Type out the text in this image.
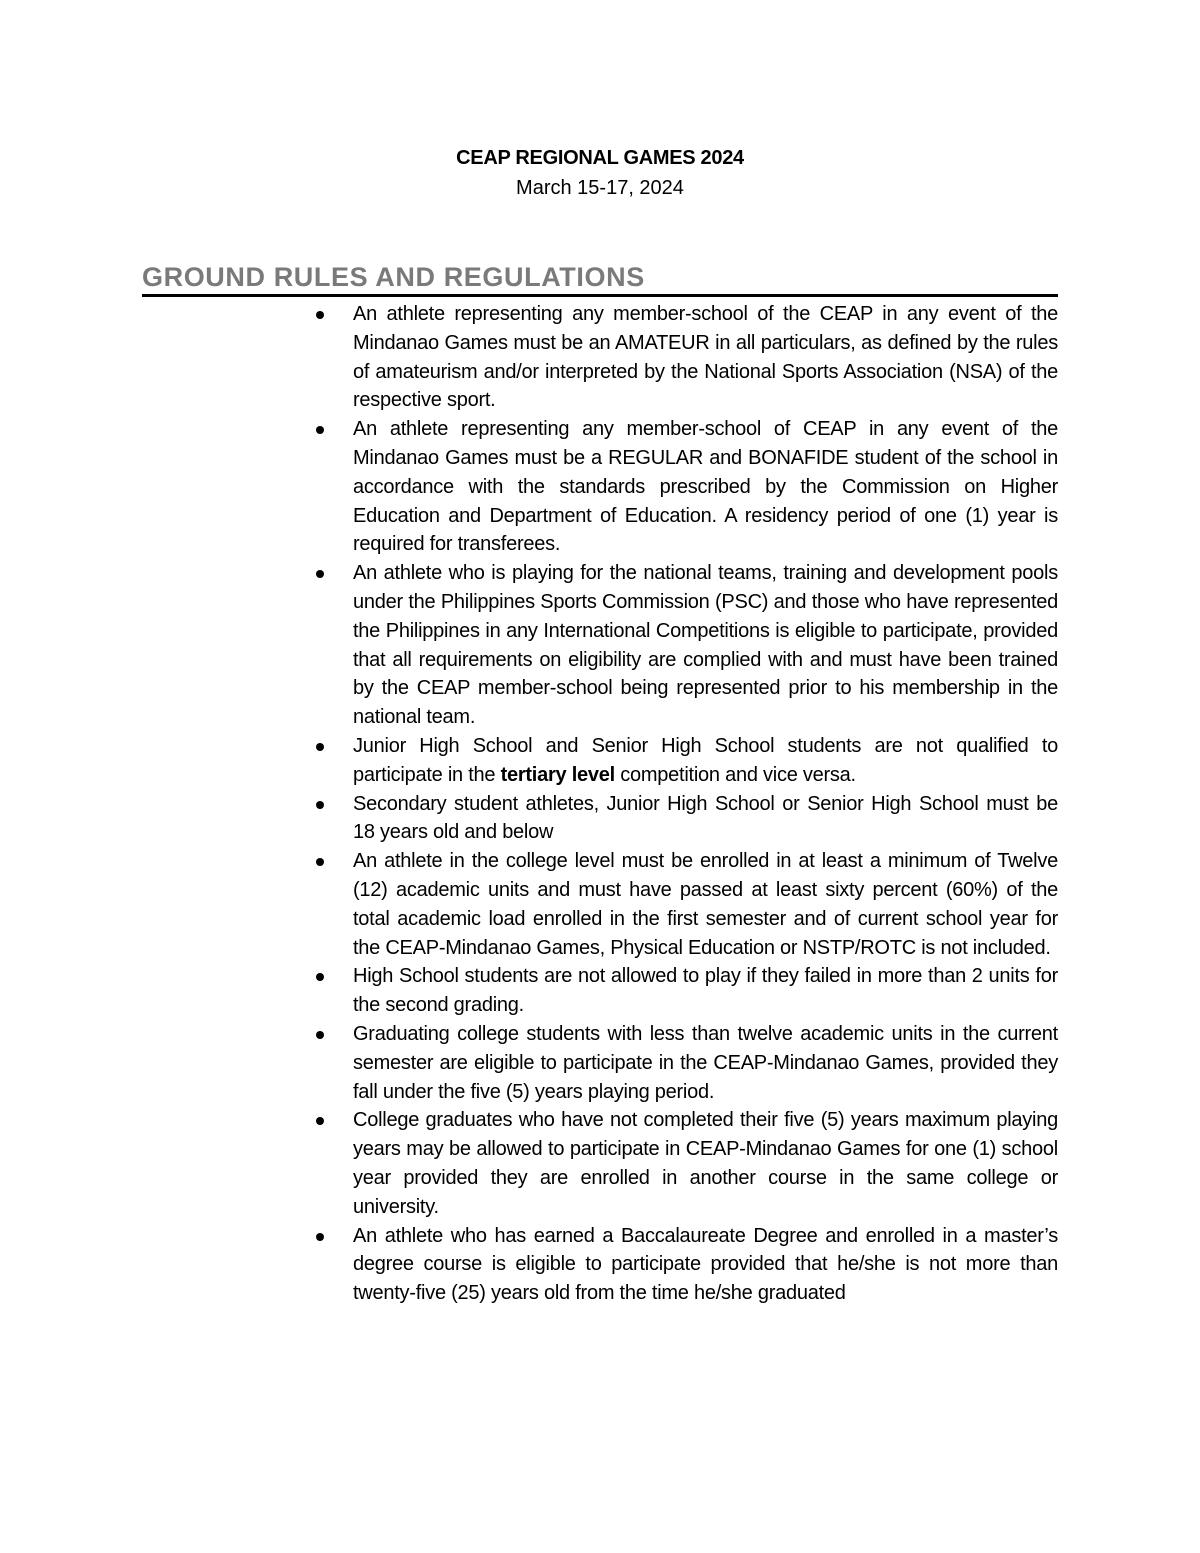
CEAP REGIONAL GAMES 2024
March 15-17, 2024
GROUND RULES AND REGULATIONS
An athlete representing any member-school of the CEAP in any event of the Mindanao Games must be an AMATEUR in all particulars, as defined by the rules of amateurism and/or interpreted by the National Sports Association (NSA) of the respective sport.
An athlete representing any member-school of CEAP in any event of the Mindanao Games must be a REGULAR and BONAFIDE student of the school in accordance with the standards prescribed by the Commission on Higher Education and Department of Education. A residency period of one (1) year is required for transferees.
An athlete who is playing for the national teams, training and development pools under the Philippines Sports Commission (PSC) and those who have represented the Philippines in any International Competitions is eligible to participate, provided that all requirements on eligibility are complied with and must have been trained by the CEAP member-school being represented prior to his membership in the national team.
Junior High School and Senior High School students are not qualified to participate in the tertiary level competition and vice versa.
Secondary student athletes, Junior High School or Senior High School must be 18 years old and below
An athlete in the college level must be enrolled in at least a minimum of Twelve (12) academic units and must have passed at least sixty percent (60%) of the total academic load enrolled in the first semester and of current school year for the CEAP-Mindanao Games, Physical Education or NSTP/ROTC is not included.
High School students are not allowed to play if they failed in more than 2 units for the second grading.
Graduating college students with less than twelve academic units in the current semester are eligible to participate in the CEAP-Mindanao Games, provided they fall under the five (5) years playing period.
College graduates who have not completed their five (5) years maximum playing years may be allowed to participate in CEAP-Mindanao Games for one (1) school year provided they are enrolled in another course in the same college or university.
An athlete who has earned a Baccalaureate Degree and enrolled in a master’s degree course is eligible to participate provided that he/she is not more than twenty-five (25) years old from the time he/she graduated
